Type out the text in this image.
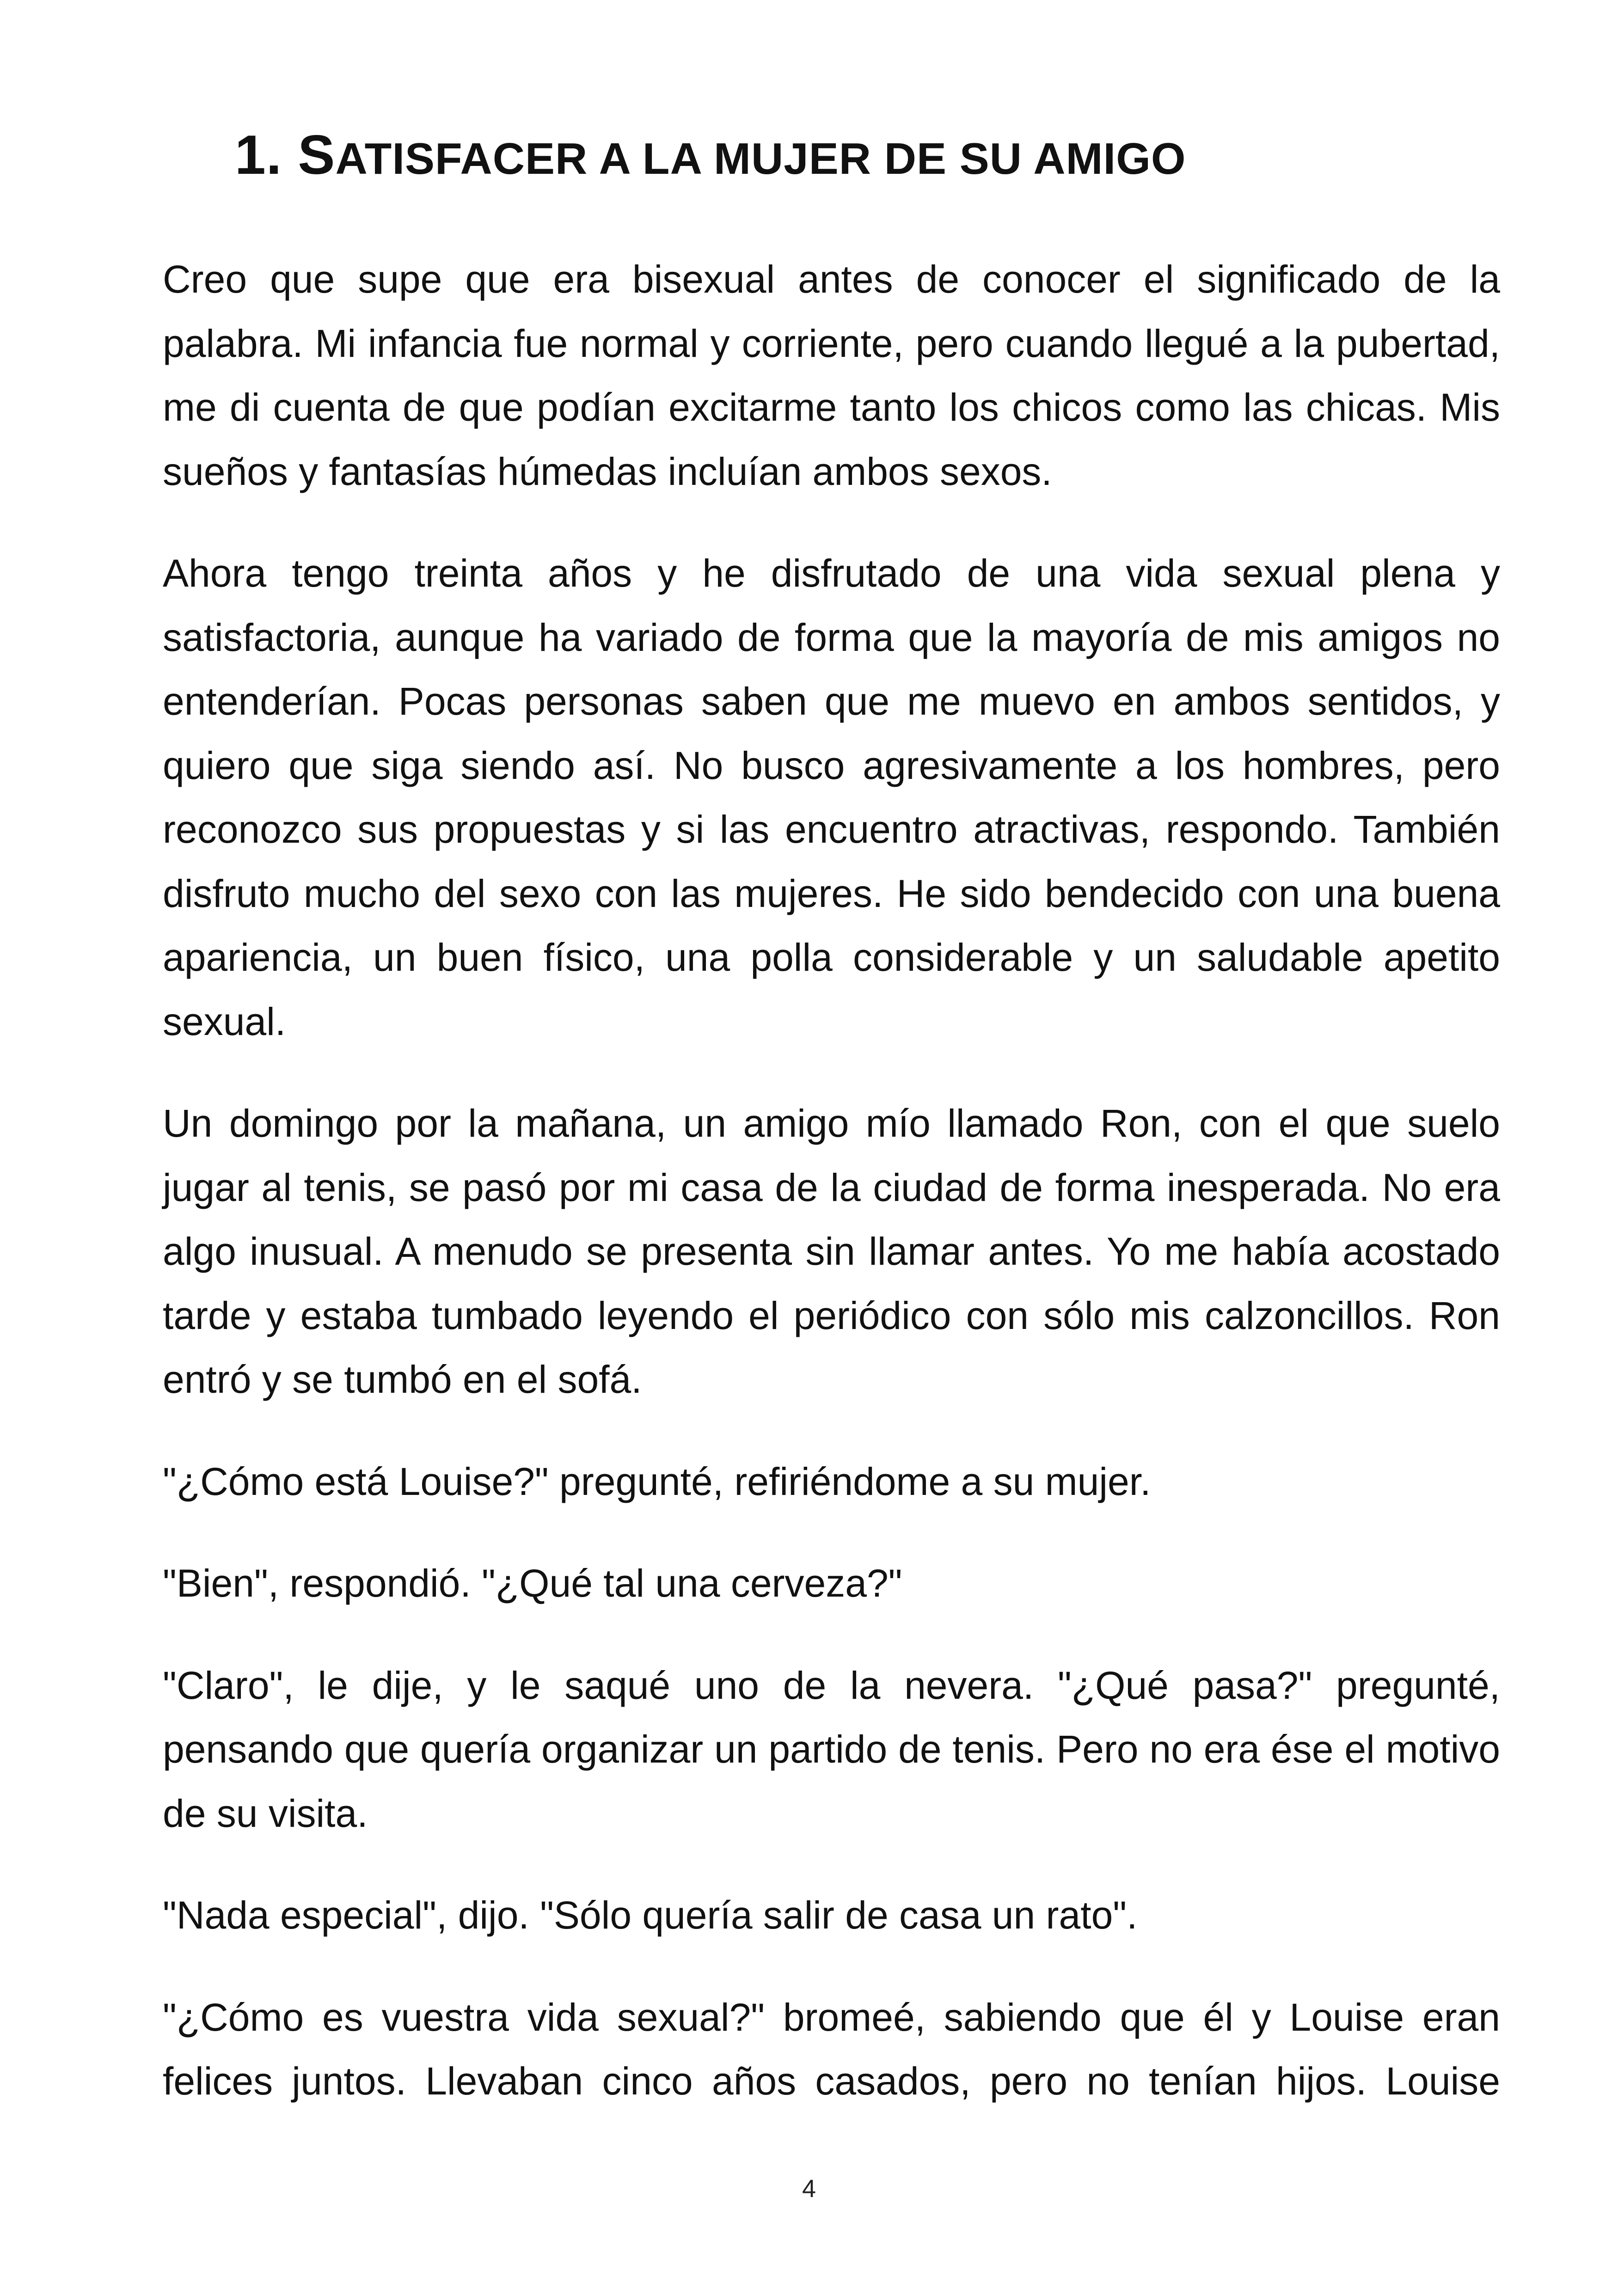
1. SATISFACER A LA MUJER DE SU AMIGO

Creo que supe que era bisexual antes de conocer el significado de la palabra. Mi infancia fue normal y corriente, pero cuando llegué a la pubertad, me di cuenta de que podían excitarme tanto los chicos como las chicas. Mis sueños y fantasías húmedas incluían ambos sexos.

Ahora tengo treinta años y he disfrutado de una vida sexual plena y satisfactoria, aunque ha variado de forma que la mayoría de mis amigos no entenderían. Pocas personas saben que me muevo en ambos sentidos, y quiero que siga siendo así. No busco agresivamente a los hombres, pero reconozco sus propuestas y si las encuentro atractivas, respondo. También disfruto mucho del sexo con las mujeres. He sido bendecido con una buena apariencia, un buen físico, una polla considerable y un saludable apetito sexual.

Un domingo por la mañana, un amigo mío llamado Ron, con el que suelo jugar al tenis, se pasó por mi casa de la ciudad de forma inesperada. No era algo inusual. A menudo se presenta sin llamar antes. Yo me había acostado tarde y estaba tumbado leyendo el periódico con sólo mis calzoncillos. Ron entró y se tumbó en el sofá.

"¿Cómo está Louise?" pregunté, refiriéndome a su mujer.

"Bien", respondió. "¿Qué tal una cerveza?"

"Claro", le dije, y le saqué uno de la nevera. "¿Qué pasa?" pregunté, pensando que quería organizar un partido de tenis. Pero no era ése el motivo de su visita.

"Nada especial", dijo. "Sólo quería salir de casa un rato".

"¿Cómo es vuestra vida sexual?" bromeé, sabiendo que él y Louise eran felices juntos. Llevaban cinco años casados, pero no tenían hijos. Louise

4
